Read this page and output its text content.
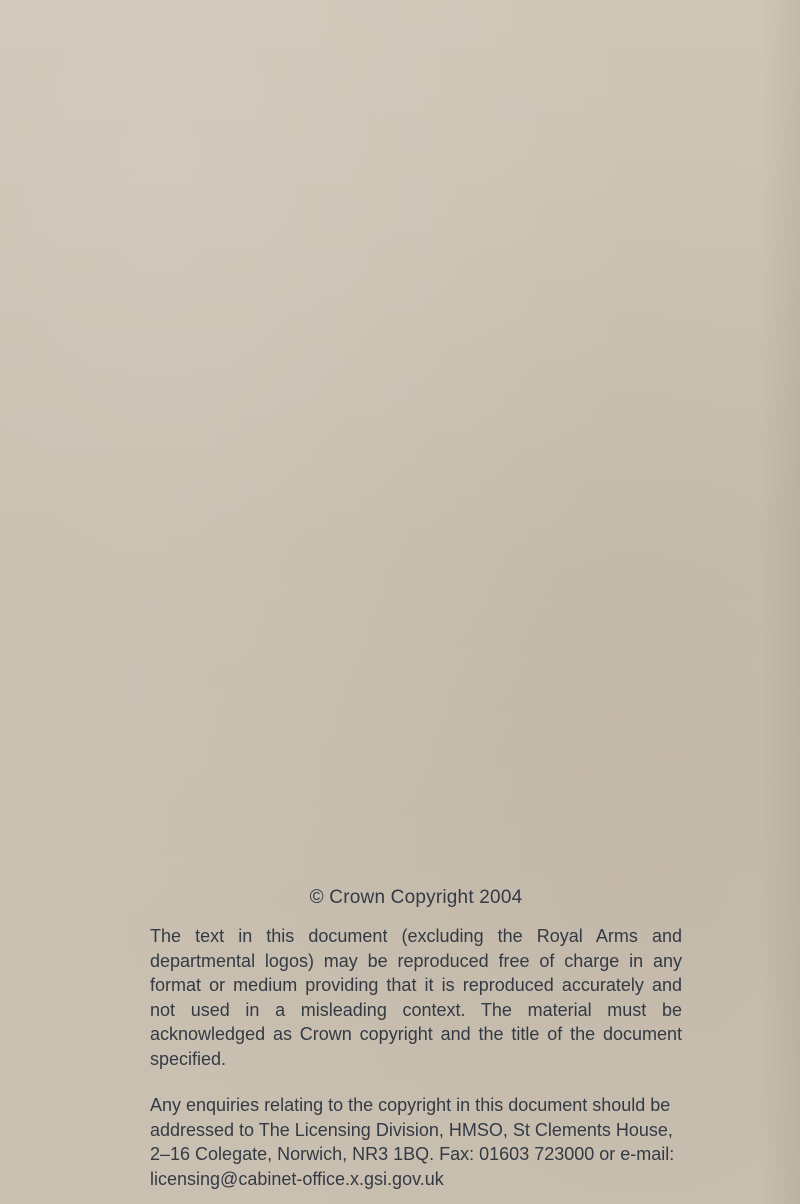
© Crown Copyright 2004

The text in this document (excluding the Royal Arms and departmental logos) may be reproduced free of charge in any format or medium providing that it is reproduced accurately and not used in a misleading context. The material must be acknowledged as Crown copyright and the title of the document specified.

Any enquiries relating to the copyright in this document should be addressed to The Licensing Division, HMSO, St Clements House, 2–16 Colegate, Norwich, NR3 1BQ. Fax: 01603 723000 or e-mail: licensing@cabinet-office.x.gsi.gov.uk
